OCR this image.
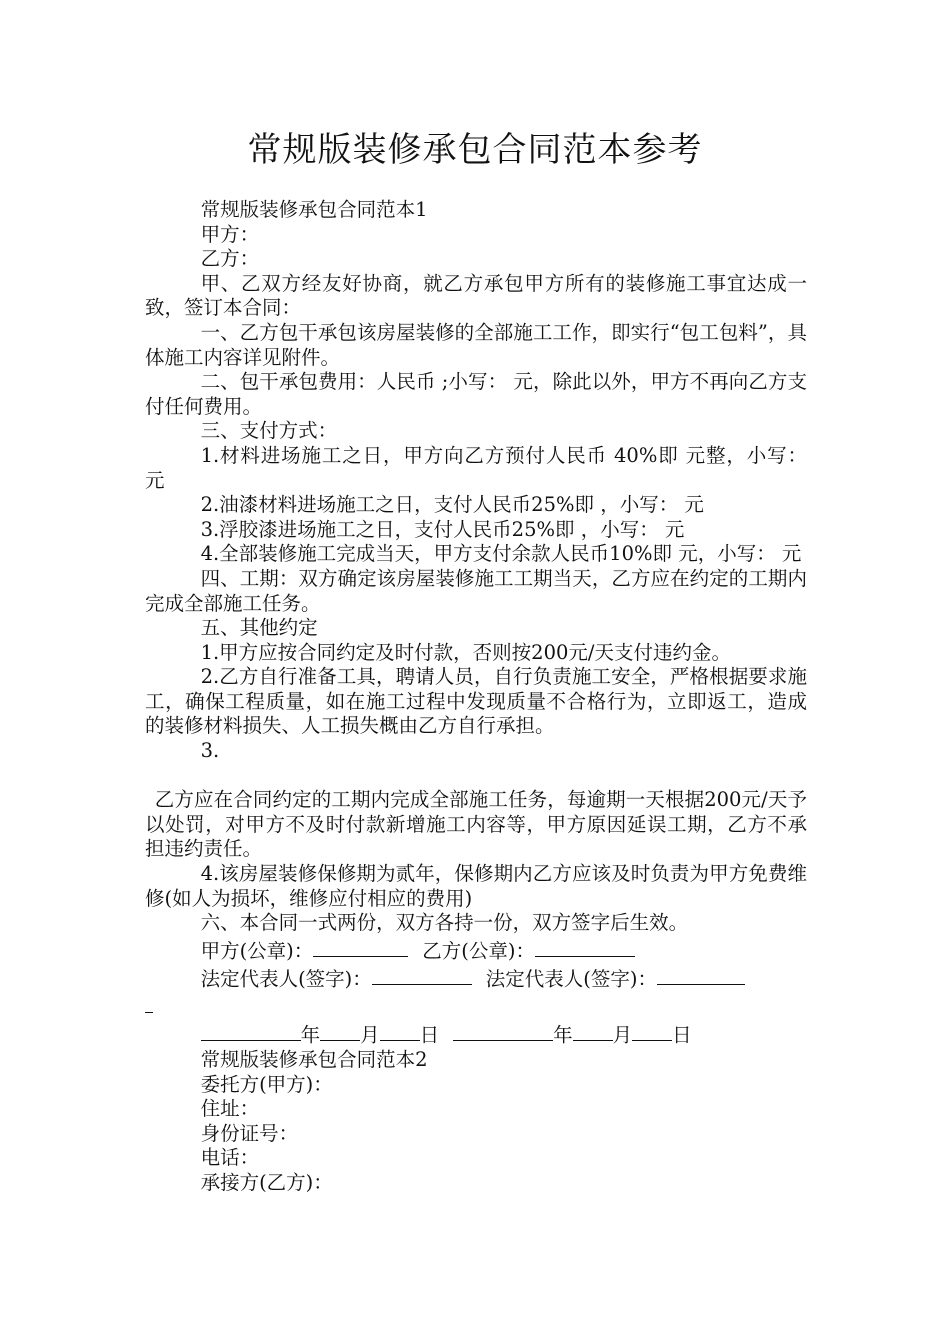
常规版装修承包合同范本参考

常规版装修承包合同范本1

甲方：

乙方：

甲、乙双方经友好协商，就乙方承包甲方所有的装修施工事宜达成一致，签订本合同：

一、乙方包干承包该房屋装修的全部施工工作，即实行“包工包料”，具体施工内容详见附件。

二、包干承包费用：人民币 ;小写： 元，除此以外，甲方不再向乙方支付任何费用。

三、支付方式：

1.材料进场施工之日，甲方向乙方预付人民币 40%即 元整，小写： 元

2.油漆材料进场施工之日，支付人民币25%即 ，小写： 元

3.浮胶漆进场施工之日，支付人民币25%即 ，小写： 元

4.全部装修施工完成当天，甲方支付余款人民币10%即 元，小写： 元

四、工期：双方确定该房屋装修施工工期当天，乙方应在约定的工期内完成全部施工任务。

五、其他约定

1.甲方应按合同约定及时付款，否则按200元/天支付违约金。

2.乙方自行准备工具，聘请人员，自行负责施工安全，严格根据要求施工，确保工程质量，如在施工过程中发现质量不合格行为，立即返工，造成的装修材料损失、人工损失概由乙方自行承担。

3.

乙方应在合同约定的工期内完成全部施工任务，每逾期一天根据200元/天予以处罚，对甲方不及时付款新增施工内容等，甲方原因延误工期，乙方不承担违约责任。

4.该房屋装修保修期为贰年，保修期内乙方应该及时负责为甲方免费维修(如人为损坏，维修应付相应的费用)

六、本合同一式两份，双方各持一份，双方签字后生效。

甲方(公章)：	乙方(公章)：

法定代表人(签字)：	法定代表人(签字)：

年 月 日	年 月 日

常规版装修承包合同范本2

委托方(甲方)：

住址：

身份证号：

电话：

承接方(乙方)：
